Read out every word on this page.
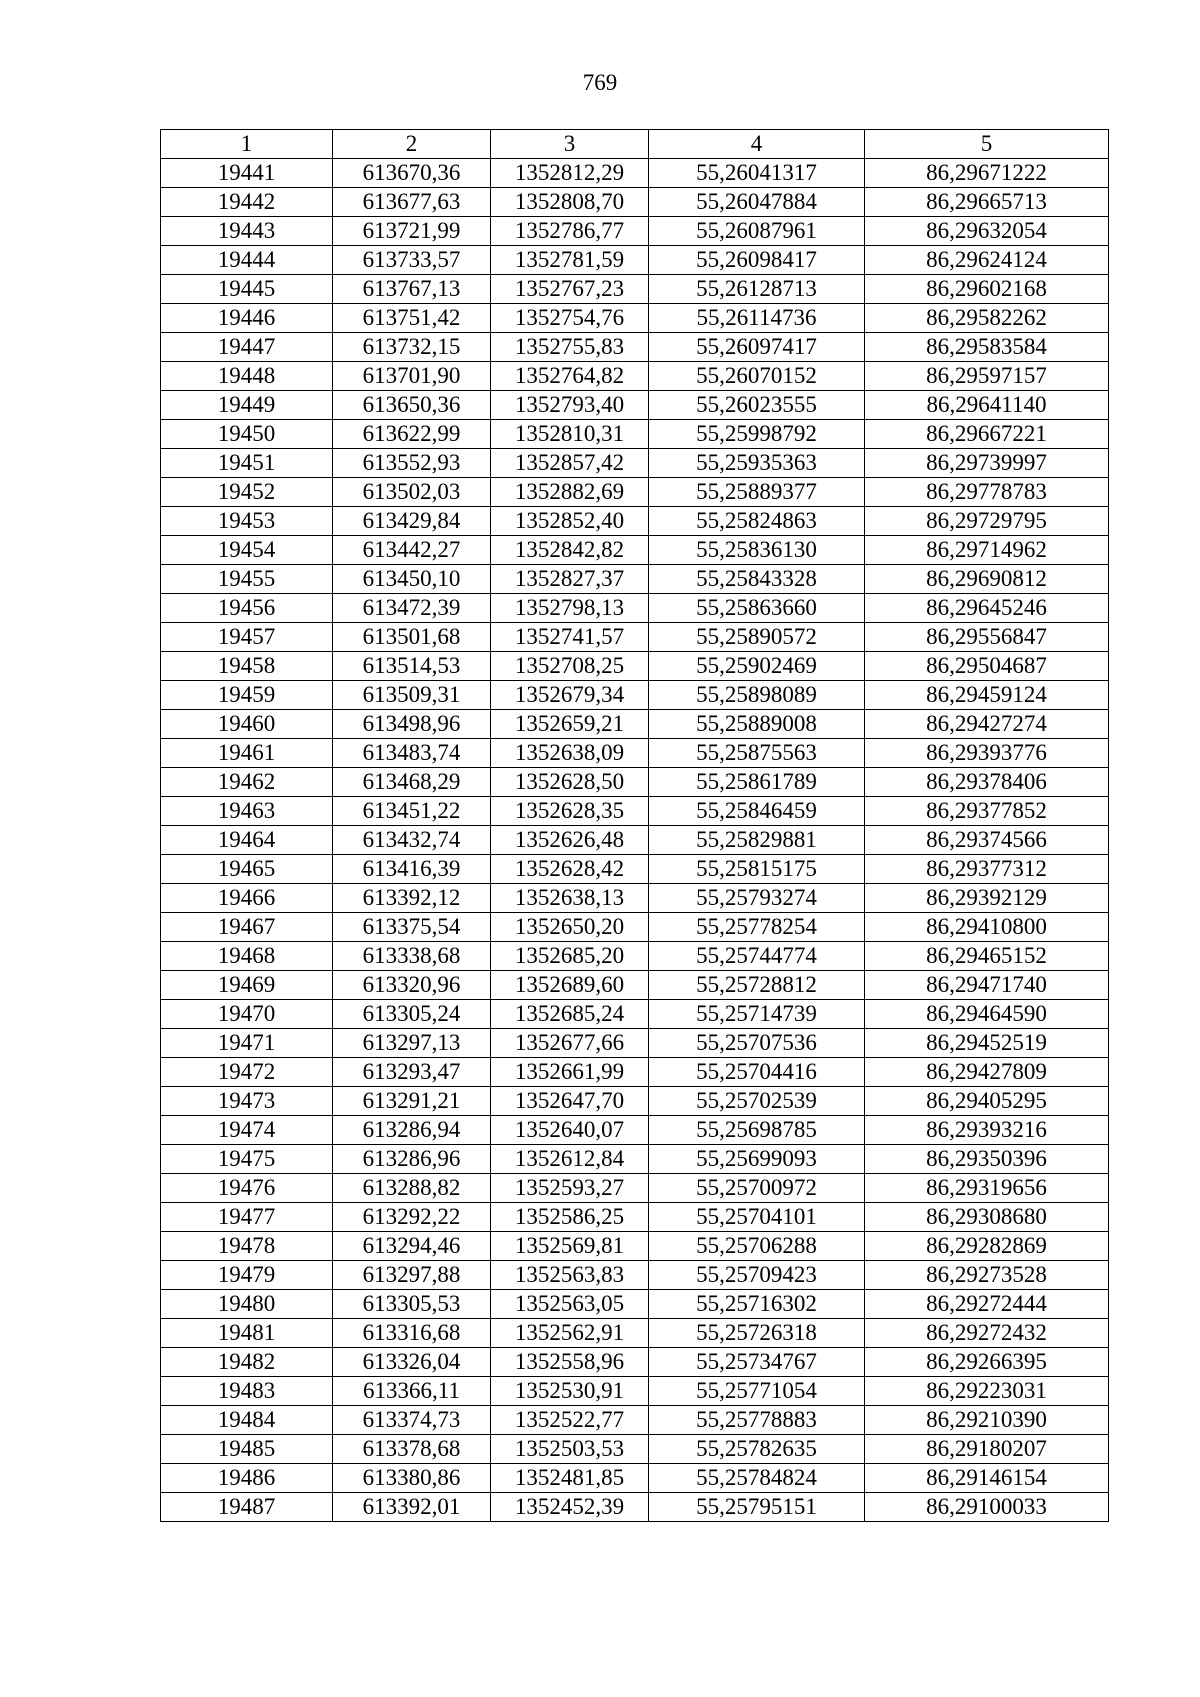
769
1	2	3	4	5
19441	613670,36	1352812,29	55,26041317	86,29671222
19442	613677,63	1352808,70	55,26047884	86,29665713
19443	613721,99	1352786,77	55,26087961	86,29632054
19444	613733,57	1352781,59	55,26098417	86,29624124
19445	613767,13	1352767,23	55,26128713	86,29602168
19446	613751,42	1352754,76	55,26114736	86,29582262
19447	613732,15	1352755,83	55,26097417	86,29583584
19448	613701,90	1352764,82	55,26070152	86,29597157
19449	613650,36	1352793,40	55,26023555	86,29641140
19450	613622,99	1352810,31	55,25998792	86,29667221
19451	613552,93	1352857,42	55,25935363	86,29739997
19452	613502,03	1352882,69	55,25889377	86,29778783
19453	613429,84	1352852,40	55,25824863	86,29729795
19454	613442,27	1352842,82	55,25836130	86,29714962
19455	613450,10	1352827,37	55,25843328	86,29690812
19456	613472,39	1352798,13	55,25863660	86,29645246
19457	613501,68	1352741,57	55,25890572	86,29556847
19458	613514,53	1352708,25	55,25902469	86,29504687
19459	613509,31	1352679,34	55,25898089	86,29459124
19460	613498,96	1352659,21	55,25889008	86,29427274
19461	613483,74	1352638,09	55,25875563	86,29393776
19462	613468,29	1352628,50	55,25861789	86,29378406
19463	613451,22	1352628,35	55,25846459	86,29377852
19464	613432,74	1352626,48	55,25829881	86,29374566
19465	613416,39	1352628,42	55,25815175	86,29377312
19466	613392,12	1352638,13	55,25793274	86,29392129
19467	613375,54	1352650,20	55,25778254	86,29410800
19468	613338,68	1352685,20	55,25744774	86,29465152
19469	613320,96	1352689,60	55,25728812	86,29471740
19470	613305,24	1352685,24	55,25714739	86,29464590
19471	613297,13	1352677,66	55,25707536	86,29452519
19472	613293,47	1352661,99	55,25704416	86,29427809
19473	613291,21	1352647,70	55,25702539	86,29405295
19474	613286,94	1352640,07	55,25698785	86,29393216
19475	613286,96	1352612,84	55,25699093	86,29350396
19476	613288,82	1352593,27	55,25700972	86,29319656
19477	613292,22	1352586,25	55,25704101	86,29308680
19478	613294,46	1352569,81	55,25706288	86,29282869
19479	613297,88	1352563,83	55,25709423	86,29273528
19480	613305,53	1352563,05	55,25716302	86,29272444
19481	613316,68	1352562,91	55,25726318	86,29272432
19482	613326,04	1352558,96	55,25734767	86,29266395
19483	613366,11	1352530,91	55,25771054	86,29223031
19484	613374,73	1352522,77	55,25778883	86,29210390
19485	613378,68	1352503,53	55,25782635	86,29180207
19486	613380,86	1352481,85	55,25784824	86,29146154
19487	613392,01	1352452,39	55,25795151	86,29100033
